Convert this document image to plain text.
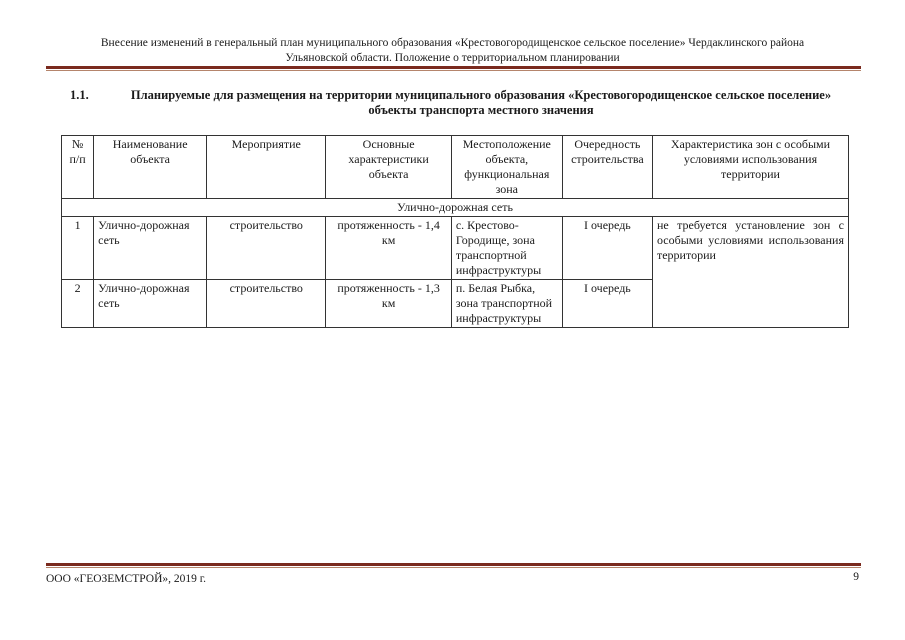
Внесение изменений в генеральный план муниципального образования «Крестовогородищенское сельское поселение» Чердаклинского района
Ульяновской области. Положение о территориальном планировании
1.1.	Планируемые для размещения на территории муниципального образования «Крестовогородищенское сельское поселение» объекты транспорта местного значения
№ п/п	Наименование объекта	Мероприятие	Основные характеристики объекта	Местоположение объекта, функциональная зона	Очередность строительства	Характеристика зон с особыми условиями использования территории
Улично-дорожная сеть						
1	Улично-дорожная сеть	строительство	протяженность - 1,4 км	с. Крестово-Городище, зона транспортной инфраструктуры	I очередь	не требуется установление зон с особыми условиями использования территории
2	Улично-дорожная сеть	строительство	протяженность - 1,3 км	п. Белая Рыбка, зона транспортной инфраструктуры	I очередь	
ООО «ГЕОЗЕМСТРОЙ», 2019 г.	9
